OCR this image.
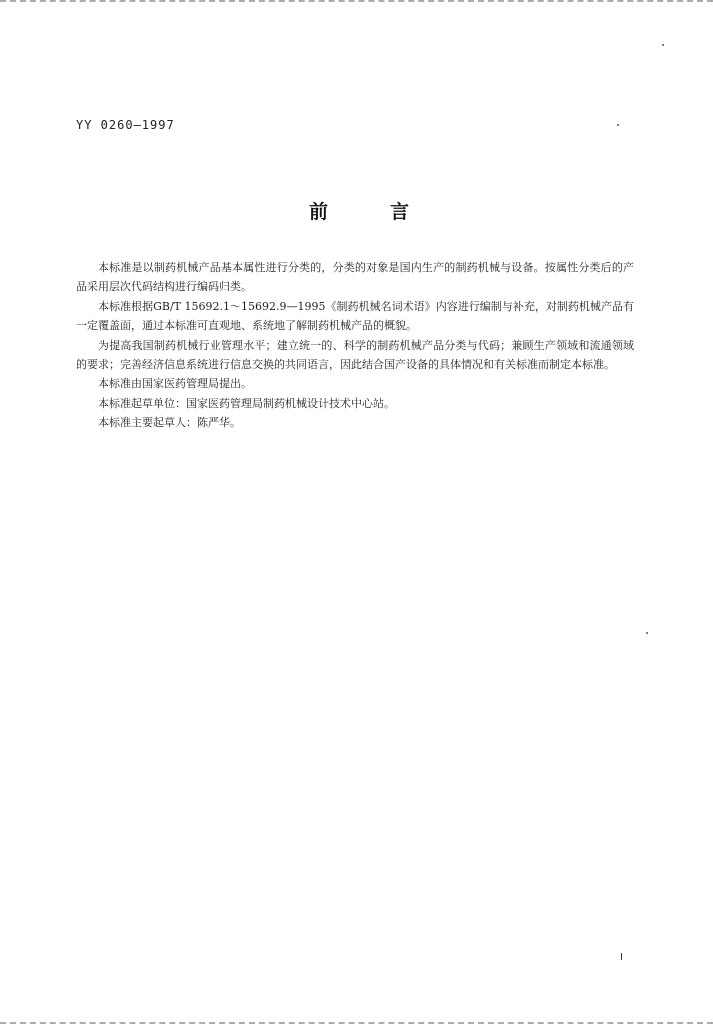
YY 0260—1997
前	言

本标准是以制药机械产品基本属性进行分类的，分类的对象是国内生产的制药机械与设备。按属性分类后的产品采用层次代码结构进行编码归类。

本标准根据GB/T 15692.1～15692.9—1995《制药机械名词术语》内容进行编制与补充，对制药机械产品有一定覆盖面，通过本标准可直观地、系统地了解制药机械产品的概貌。

为提高我国制药机械行业管理水平；建立统一的、科学的制药机械产品分类与代码；兼顾生产领域和流通领域的要求；完善经济信息系统进行信息交换的共同语言，因此结合国产设备的具体情况和有关标准而制定本标准。

本标准由国家医药管理局提出。

本标准起草单位：国家医药管理局制药机械设计技术中心站。

本标准主要起草人：陈严华。

I
